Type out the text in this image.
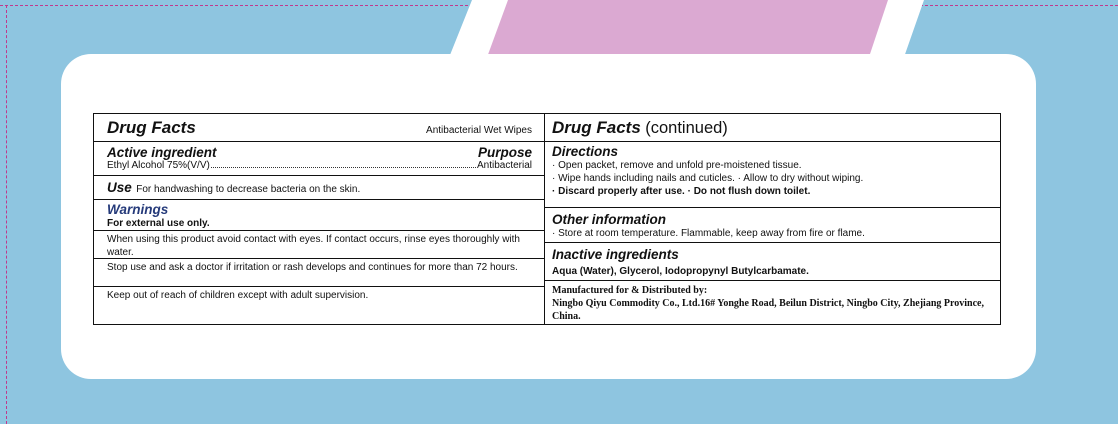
Drug Facts	Antibacterial Wet Wipes
Active ingredient	Purpose
Ethyl Alcohol 75%(V/V)	Antibacterial
Use For handwashing to decrease bacteria on the skin.
Warnings
For external use only.
When using this product avoid contact with eyes. If contact occurs, rinse eyes thoroughly with water.
Stop use and ask a doctor if irritation or rash develops and continues for more than 72 hours.
Keep out of reach of children except with adult supervision.
Drug Facts (continued)
Directions
· Open packet, remove and unfold pre-moistened tissue.
· Wipe hands including nails and cuticles. · Allow to dry without wiping.
· Discard properly after use. · Do not flush down toilet.
Other information
· Store at room temperature. Flammable, keep away from fire or flame.
Inactive ingredients
Aqua (Water), Glycerol, Iodopropynyl Butylcarbamate.
Manufactured for & Distributed by:
Ningbo Qiyu Commodity Co., Ltd.16# Yonghe Road, Beilun District, Ningbo City, Zhejiang Province, China.
